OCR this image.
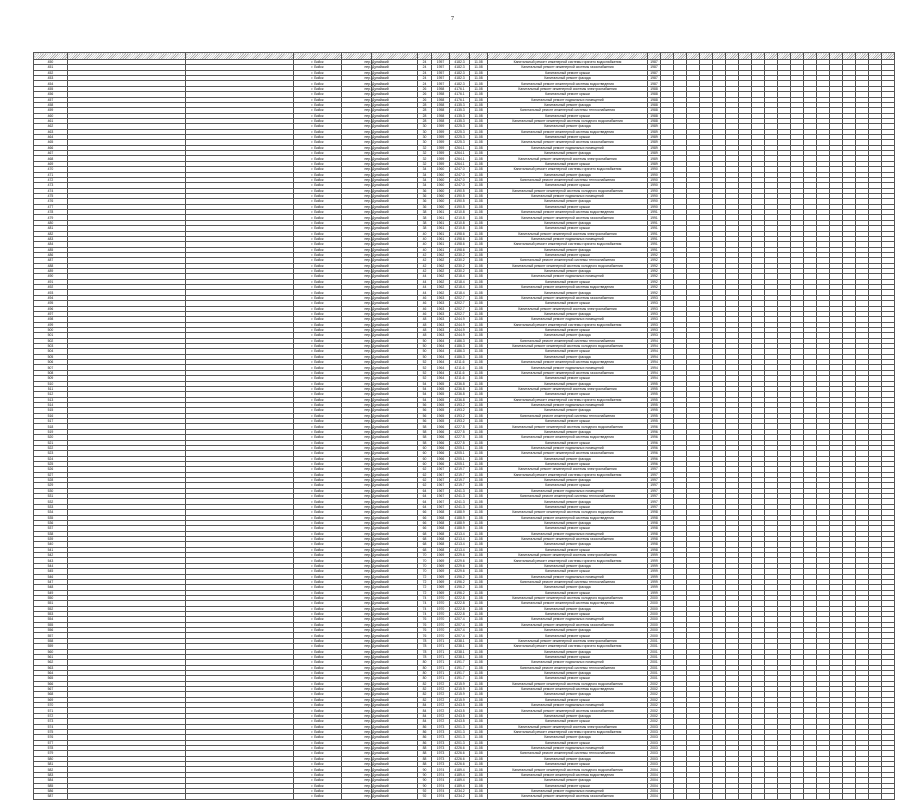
7

450			г. Бийск	пер.	Дунайский	24	1957	4182.3	11.08	Капитальный ремонт инженерной системы горячего водоснабжения	1987																		
451			г. Бийск	пер.	Дунайский	24	1957	4182.3	11.08	Капитальный ремонт инженерной системы газоснабжения	1987																		
452			г. Бийск	пер.	Дунайский	24	1957	4182.3	11.08	Капитальный ремонт крыши	1987																		
453			г. Бийск	пер.	Дунайский	24	1957	4182.3	11.08	Капитальный ремонт фасада	1987																		
454			г. Бийск	пер.	Дунайский	24	1957	4182.3	11.08	Капитальный ремонт инженерной системы водоотведения	1987																		
455			г. Бийск	пер.	Дунайский	26	1958	4176.1	11.08	Капитальный ремонт инженерной системы электроснабжения	1988																		
456			г. Бийск	пер.	Дунайский	26	1958	4176.1	11.08	Капитальный ремонт крыши	1988																		
457			г. Бийск	пер.	Дунайский	26	1958	4176.1	11.08	Капитальный ремонт подвальных помещений	1988																		
458			г. Бийск	пер.	Дунайский	28	1958	4135.3	11.08	Капитальный ремонт фасада	1988																		
459			г. Бийск	пер.	Дунайский	28	1958	4135.3	11.08	Капитальный ремонт инженерной системы теплоснабжения	1988																		
460			г. Бийск	пер.	Дунайский	28	1958	4135.3	11.08	Капитальный ремонт крыши	1988																		
461			г. Бийск	пер.	Дунайский	28	1958	4135.3	11.08	Капитальный ремонт инженерной системы холодного водоснабжения	1988																		
462			г. Бийск	пер.	Дунайский	30	1959	4225.3	11.08	Капитальный ремонт фасада	1989																		
463			г. Бийск	пер.	Дунайский	30	1959	4225.3	11.08	Капитальный ремонт инженерной системы водоотведения	1989																		
464			г. Бийск	пер.	Дунайский	30	1959	4225.3	11.08	Капитальный ремонт крыши	1989																		
465			г. Бийск	пер.	Дунайский	30	1959	4225.3	11.08	Капитальный ремонт инженерной системы газоснабжения	1989																		
466			г. Бийск	пер.	Дунайский	32	1959	4264.1	11.08	Капитальный ремонт подвальных помещений	1989																		
467			г. Бийск	пер.	Дунайский	32	1959	4264.1	11.08	Капитальный ремонт фасада	1989																		
468			г. Бийск	пер.	Дунайский	32	1959	4264.1	11.08	Капитальный ремонт инженерной системы электроснабжения	1989																		
469			г. Бийск	пер.	Дунайский	32	1959	4264.1	11.08	Капитальный ремонт крыши	1989																		
470			г. Бийск	пер.	Дунайский	34	1960	4247.0	11.08	Капитальный ремонт инженерной системы горячего водоснабжения	1990																		
471			г. Бийск	пер.	Дунайский	34	1960	4247.0	11.08	Капитальный ремонт фасада	1990																		
472			г. Бийск	пер.	Дунайский	34	1960	4247.0	11.08	Капитальный ремонт инженерной системы теплоснабжения	1990																		
473			г. Бийск	пер.	Дунайский	34	1960	4247.0	11.08	Капитальный ремонт крыши	1990																		
474			г. Бийск	пер.	Дунайский	36	1960	4190.5	11.08	Капитальный ремонт инженерной системы холодного водоснабжения	1990																		
475			г. Бийск	пер.	Дунайский	36	1960	4190.5	11.08	Капитальный ремонт подвальных помещений	1990																		
476			г. Бийск	пер.	Дунайский	36	1960	4190.5	11.08	Капитальный ремонт фасада	1990																		
477			г. Бийск	пер.	Дунайский	36	1960	4190.5	11.08	Капитальный ремонт крыши	1990																		
478			г. Бийск	пер.	Дунайский	38	1961	4210.8	11.08	Капитальный ремонт инженерной системы водоотведения	1991																		
479			г. Бийск	пер.	Дунайский	38	1961	4210.8	11.08	Капитальный ремонт инженерной системы газоснабжения	1991																		
480			г. Бийск	пер.	Дунайский	38	1961	4210.8	11.08	Капитальный ремонт фасада	1991																		
481			г. Бийск	пер.	Дунайский	38	1961	4210.8	11.08	Капитальный ремонт крыши	1991																		
482			г. Бийск	пер.	Дунайский	40	1961	4198.6	11.08	Капитальный ремонт инженерной системы электроснабжения	1991																		
483			г. Бийск	пер.	Дунайский	40	1961	4198.6	11.08	Капитальный ремонт подвальных помещений	1991																		
484			г. Бийск	пер.	Дунайский	40	1961	4198.6	11.08	Капитальный ремонт инженерной системы горячего водоснабжения	1991																		
485			г. Бийск	пер.	Дунайский	40	1961	4198.6	11.08	Капитальный ремонт фасада	1991																		
486			г. Бийск	пер.	Дунайский	42	1962	4230.2	11.08	Капитальный ремонт крыши	1992																		
487			г. Бийск	пер.	Дунайский	42	1962	4230.2	11.08	Капитальный ремонт инженерной системы теплоснабжения	1992																		
488			г. Бийск	пер.	Дунайский	42	1962	4230.2	11.08	Капитальный ремонт инженерной системы холодного водоснабжения	1992																		
489			г. Бийск	пер.	Дунайский	42	1962	4230.2	11.08	Капитальный ремонт фасада	1992																		
490			г. Бийск	пер.	Дунайский	44	1962	4218.4	11.08	Капитальный ремонт подвальных помещений	1992																		
491			г. Бийск	пер.	Дунайский	44	1962	4218.4	11.08	Капитальный ремонт крыши	1992																		
492			г. Бийск	пер.	Дунайский	44	1962	4218.4	11.08	Капитальный ремонт инженерной системы водоотведения	1992																		
493			г. Бийск	пер.	Дунайский	44	1962	4218.4	11.08	Капитальный ремонт фасада	1992																		
494			г. Бийск	пер.	Дунайский	46	1963	4202.7	11.08	Капитальный ремонт инженерной системы газоснабжения	1993																		
495			г. Бийск	пер.	Дунайский	46	1963	4202.7	11.08	Капитальный ремонт крыши	1993																		
496			г. Бийск	пер.	Дунайский	46	1963	4202.7	11.08	Капитальный ремонт инженерной системы электроснабжения	1993																		
497			г. Бийск	пер.	Дунайский	46	1963	4202.7	11.08	Капитальный ремонт фасада	1993																		
498			г. Бийск	пер.	Дунайский	48	1963	4244.9	11.08	Капитальный ремонт подвальных помещений	1993																		
499			г. Бийск	пер.	Дунайский	48	1963	4244.9	11.08	Капитальный ремонт инженерной системы горячего водоснабжения	1993																		
500			г. Бийск	пер.	Дунайский	48	1963	4244.9	11.08	Капитальный ремонт крыши	1993																		
501			г. Бийск	пер.	Дунайский	48	1963	4244.9	11.08	Капитальный ремонт фасада	1993																		
502			г. Бийск	пер.	Дунайский	50	1964	4186.3	11.08	Капитальный ремонт инженерной системы теплоснабжения	1994																		
503			г. Бийск	пер.	Дунайский	50	1964	4186.3	11.08	Капитальный ремонт инженерной системы холодного водоснабжения	1994																		
504			г. Бийск	пер.	Дунайский	50	1964	4186.3	11.08	Капитальный ремонт крыши	1994																		
505			г. Бийск	пер.	Дунайский	50	1964	4186.3	11.08	Капитальный ремонт фасада	1994																		
506			г. Бийск	пер.	Дунайский	52	1964	4211.6	11.08	Капитальный ремонт инженерной системы водоотведения	1994																		
507			г. Бийск	пер.	Дунайский	52	1964	4211.6	11.08	Капитальный ремонт подвальных помещений	1994																		
508			г. Бийск	пер.	Дунайский	52	1964	4211.6	11.08	Капитальный ремонт инженерной системы газоснабжения	1994																		
509			г. Бийск	пер.	Дунайский	52	1964	4211.6	11.08	Капитальный ремонт крыши	1994																		
510			г. Бийск	пер.	Дунайский	54	1965	4236.8	11.08	Капитальный ремонт фасада	1995																		
511			г. Бийск	пер.	Дунайский	54	1965	4236.8	11.08	Капитальный ремонт инженерной системы электроснабжения	1995																		
512			г. Бийск	пер.	Дунайский	54	1965	4236.8	11.08	Капитальный ремонт крыши	1995																		
513			г. Бийск	пер.	Дунайский	54	1965	4236.8	11.08	Капитальный ремонт инженерной системы горячего водоснабжения	1995																		
514			г. Бийск	пер.	Дунайский	56	1965	4193.2	11.08	Капитальный ремонт подвальных помещений	1995																		
515			г. Бийск	пер.	Дунайский	56	1965	4193.2	11.08	Капитальный ремонт фасада	1995																		
516			г. Бийск	пер.	Дунайский	56	1965	4193.2	11.08	Капитальный ремонт инженерной системы теплоснабжения	1995																		
517			г. Бийск	пер.	Дунайский	56	1965	4193.2	11.08	Капитальный ремонт крыши	1995																		
518			г. Бийск	пер.	Дунайский	58	1966	4227.5	11.08	Капитальный ремонт инженерной системы холодного водоснабжения	1996																		
519			г. Бийск	пер.	Дунайский	58	1966	4227.5	11.08	Капитальный ремонт фасада	1996																		
520			г. Бийск	пер.	Дунайский	58	1966	4227.5	11.08	Капитальный ремонт инженерной системы водоотведения	1996																		
521			г. Бийск	пер.	Дунайский	58	1966	4227.5	11.08	Капитальный ремонт крыши	1996																		
522			г. Бийск	пер.	Дунайский	60	1966	4205.1	11.08	Капитальный ремонт подвальных помещений	1996																		
523			г. Бийск	пер.	Дунайский	60	1966	4205.1	11.08	Капитальный ремонт инженерной системы газоснабжения	1996																		
524			г. Бийск	пер.	Дунайский	60	1966	4205.1	11.08	Капитальный ремонт фасада	1996																		
525			г. Бийск	пер.	Дунайский	60	1966	4205.1	11.08	Капитальный ремонт крыши	1996																		
526			г. Бийск	пер.	Дунайский	62	1967	4219.7	11.08	Капитальный ремонт инженерной системы электроснабжения	1997																		
527			г. Бийск	пер.	Дунайский	62	1967	4219.7	11.08	Капитальный ремонт инженерной системы горячего водоснабжения	1997																		
528			г. Бийск	пер.	Дунайский	62	1967	4219.7	11.08	Капитальный ремонт фасада	1997																		
529			г. Бийск	пер.	Дунайский	62	1967	4219.7	11.08	Капитальный ремонт крыши	1997																		
530			г. Бийск	пер.	Дунайский	64	1967	4241.3	11.08	Капитальный ремонт подвальных помещений	1997																		
531			г. Бийск	пер.	Дунайский	64	1967	4241.3	11.08	Капитальный ремонт инженерной системы теплоснабжения	1997																		
532			г. Бийск	пер.	Дунайский	64	1967	4241.3	11.08	Капитальный ремонт фасада	1997																		
533			г. Бийск	пер.	Дунайский	64	1967	4241.3	11.08	Капитальный ремонт крыши	1997																		
534			г. Бийск	пер.	Дунайский	66	1968	4188.9	11.08	Капитальный ремонт инженерной системы холодного водоснабжения	1998																		
535			г. Бийск	пер.	Дунайский	66	1968	4188.9	11.08	Капитальный ремонт инженерной системы водоотведения	1998																		
536			г. Бийск	пер.	Дунайский	66	1968	4188.9	11.08	Капитальный ремонт фасада	1998																		
537			г. Бийск	пер.	Дунайский	66	1968	4188.9	11.08	Капитальный ремонт крыши	1998																		
538			г. Бийск	пер.	Дунайский	68	1968	4213.4	11.08	Капитальный ремонт подвальных помещений	1998																		
539			г. Бийск	пер.	Дунайский	68	1968	4213.4	11.08	Капитальный ремонт инженерной системы газоснабжения	1998																		
540			г. Бийск	пер.	Дунайский	68	1968	4213.4	11.08	Капитальный ремонт фасада	1998																		
541			г. Бийск	пер.	Дунайский	68	1968	4213.4	11.08	Капитальный ремонт крыши	1998																		
542			г. Бийск	пер.	Дунайский	70	1969	4229.6	11.08	Капитальный ремонт инженерной системы электроснабжения	1999																		
543			г. Бийск	пер.	Дунайский	70	1969	4229.6	11.08	Капитальный ремонт инженерной системы горячего водоснабжения	1999																		
544			г. Бийск	пер.	Дунайский	70	1969	4229.6	11.08	Капитальный ремонт фасада	1999																		
545			г. Бийск	пер.	Дунайский	70	1969	4229.6	11.08	Капитальный ремонт крыши	1999																		
546			г. Бийск	пер.	Дунайский	72	1969	4196.2	11.08	Капитальный ремонт подвальных помещений	1999																		
547			г. Бийск	пер.	Дунайский	72	1969	4196.2	11.08	Капитальный ремонт инженерной системы теплоснабжения	1999																		
548			г. Бийск	пер.	Дунайский	72	1969	4196.2	11.08	Капитальный ремонт фасада	1999																		
549			г. Бийск	пер.	Дунайский	72	1969	4196.2	11.08	Капитальный ремонт крыши	1999																		
550			г. Бийск	пер.	Дунайский	74	1970	4222.8	11.08	Капитальный ремонт инженерной системы холодного водоснабжения	2000																		
551			г. Бийск	пер.	Дунайский	74	1970	4222.8	11.08	Капитальный ремонт инженерной системы водоотведения	2000																		
552			г. Бийск	пер.	Дунайский	74	1970	4222.8	11.08	Капитальный ремонт фасада	2000																		
553			г. Бийск	пер.	Дунайский	74	1970	4222.8	11.08	Капитальный ремонт крыши	2000																		
554			г. Бийск	пер.	Дунайский	76	1970	4207.4	11.08	Капитальный ремонт подвальных помещений	2000																		
555			г. Бийск	пер.	Дунайский	76	1970	4207.4	11.08	Капитальный ремонт инженерной системы газоснабжения	2000																		
556			г. Бийск	пер.	Дунайский	76	1970	4207.4	11.08	Капитальный ремонт фасада	2000																		
557			г. Бийск	пер.	Дунайский	76	1970	4207.4	11.08	Капитальный ремонт крыши	2000																		
558			г. Бийск	пер.	Дунайский	78	1971	4238.1	11.08	Капитальный ремонт инженерной системы электроснабжения	2001																		
559			г. Бийск	пер.	Дунайский	78	1971	4238.1	11.08	Капитальный ремонт инженерной системы горячего водоснабжения	2001																		
560			г. Бийск	пер.	Дунайский	78	1971	4238.1	11.08	Капитальный ремонт фасада	2001																		
561			г. Бийск	пер.	Дунайский	78	1971	4238.1	11.08	Капитальный ремонт крыши	2001																		
562			г. Бийск	пер.	Дунайский	80	1971	4191.7	11.08	Капитальный ремонт подвальных помещений	2001																		
563			г. Бийск	пер.	Дунайский	80	1971	4191.7	11.08	Капитальный ремонт инженерной системы теплоснабжения	2001																		
564			г. Бийск	пер.	Дунайский	80	1971	4191.7	11.08	Капитальный ремонт фасада	2001																		
565			г. Бийск	пер.	Дунайский	80	1971	4191.7	11.08	Капитальный ремонт крыши	2001																		
566			г. Бийск	пер.	Дунайский	82	1972	4215.9	11.08	Капитальный ремонт инженерной системы холодного водоснабжения	2002																		
567			г. Бийск	пер.	Дунайский	82	1972	4215.9	11.08	Капитальный ремонт инженерной системы водоотведения	2002																		
568			г. Бийск	пер.	Дунайский	82	1972	4215.9	11.08	Капитальный ремонт фасада	2002																		
569			г. Бийск	пер.	Дунайский	82	1972	4215.9	11.08	Капитальный ремонт крыши	2002																		
570			г. Бийск	пер.	Дунайский	84	1972	4243.5	11.08	Капитальный ремонт подвальных помещений	2002																		
571			г. Бийск	пер.	Дунайский	84	1972	4243.5	11.08	Капитальный ремонт инженерной системы газоснабжения	2002																		
572			г. Бийск	пер.	Дунайский	84	1972	4243.5	11.08	Капитальный ремонт фасада	2002																		
573			г. Бийск	пер.	Дунайский	84	1972	4243.5	11.08	Капитальный ремонт крыши	2002																		
574			г. Бийск	пер.	Дунайский	86	1973	4201.3	11.08	Капитальный ремонт инженерной системы электроснабжения	2003																		
575			г. Бийск	пер.	Дунайский	86	1973	4201.3	11.08	Капитальный ремонт инженерной системы горячего водоснабжения	2003																		
576			г. Бийск	пер.	Дунайский	86	1973	4201.3	11.08	Капитальный ремонт фасада	2003																		
577			г. Бийск	пер.	Дунайский	86	1973	4201.3	11.08	Капитальный ремонт крыши	2003																		
578			г. Бийск	пер.	Дунайский	88	1973	4226.6	11.08	Капитальный ремонт подвальных помещений	2003																		
579			г. Бийск	пер.	Дунайский	88	1973	4226.6	11.08	Капитальный ремонт инженерной системы теплоснабжения	2003																		
580			г. Бийск	пер.	Дунайский	88	1973	4226.6	11.08	Капитальный ремонт фасада	2003																		
581			г. Бийск	пер.	Дунайский	88	1973	4226.6	11.08	Капитальный ремонт крыши	2003																		
582			г. Бийск	пер.	Дунайский	90	1974	4189.4	11.08	Капитальный ремонт инженерной системы холодного водоснабжения	2004																		
583			г. Бийск	пер.	Дунайский	90	1974	4189.4	11.08	Капитальный ремонт инженерной системы водоотведения	2004																		
584			г. Бийск	пер.	Дунайский	90	1974	4189.4	11.08	Капитальный ремонт фасада	2004																		
585			г. Бийск	пер.	Дунайский	90	1974	4189.4	11.08	Капитальный ремонт крыши	2004																		
586			г. Бийск	пер.	Дунайский	92	1974	4234.2	11.08	Капитальный ремонт подвальных помещений	2004																		
587			г. Бийск	пер.	Дунайский	92	1974	4234.2	11.08	Капитальный ремонт инженерной системы газоснабжения	2004																		
